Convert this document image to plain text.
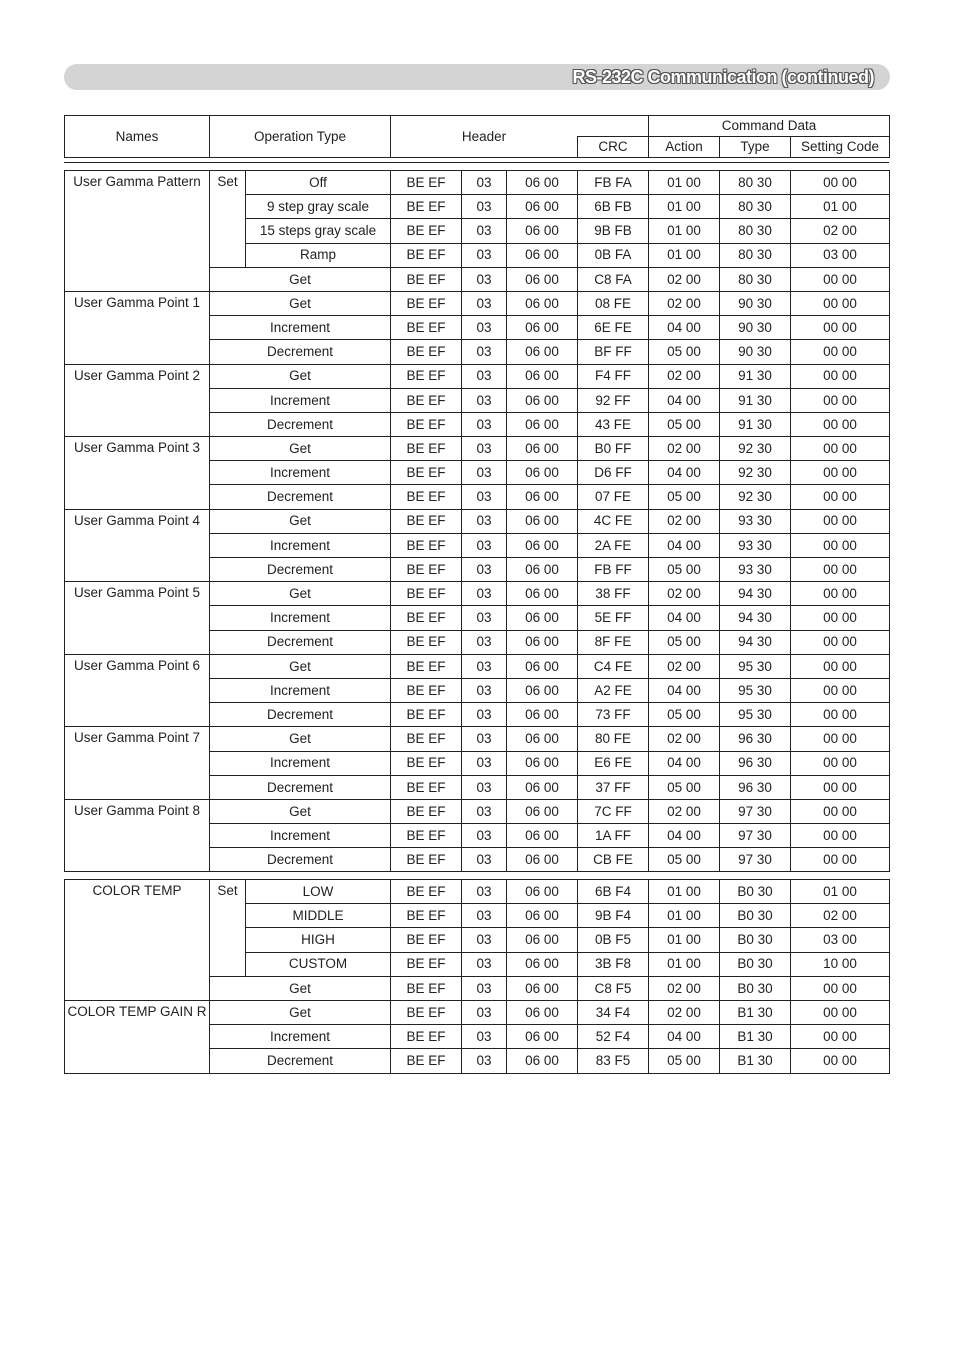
RS-232C Communication (continued)
Names	Operation Type	Header		Command Data		
			CRC	Action	Type	Setting Code
User Gamma Pattern	Set	Off	BE EF	03	06 00	FB FA	01 00	80 30	00 00
		9 step gray scale	BE EF	03	06 00	6B FB	01 00	80 30	01 00
		15 steps gray scale	BE EF	03	06 00	9B FB	01 00	80 30	02 00
		Ramp	BE EF	03	06 00	0B FA	01 00	80 30	03 00
	Get		BE EF	03	06 00	C8 FA	02 00	80 30	00 00
User Gamma Point 1	Get		BE EF	03	06 00	08 FE	02 00	90 30	00 00
	Increment		BE EF	03	06 00	6E FE	04 00	90 30	00 00
	Decrement		BE EF	03	06 00	BF FF	05 00	90 30	00 00
User Gamma Point 2	Get		BE EF	03	06 00	F4 FF	02 00	91 30	00 00
	Increment		BE EF	03	06 00	92 FF	04 00	91 30	00 00
	Decrement		BE EF	03	06 00	43 FE	05 00	91 30	00 00
User Gamma Point 3	Get		BE EF	03	06 00	B0 FF	02 00	92 30	00 00
	Increment		BE EF	03	06 00	D6 FF	04 00	92 30	00 00
	Decrement		BE EF	03	06 00	07 FE	05 00	92 30	00 00
User Gamma Point 4	Get		BE EF	03	06 00	4C FE	02 00	93 30	00 00
	Increment		BE EF	03	06 00	2A FE	04 00	93 30	00 00
	Decrement		BE EF	03	06 00	FB FF	05 00	93 30	00 00
User Gamma Point 5	Get		BE EF	03	06 00	38 FF	02 00	94 30	00 00
	Increment		BE EF	03	06 00	5E FF	04 00	94 30	00 00
	Decrement		BE EF	03	06 00	8F FE	05 00	94 30	00 00
User Gamma Point 6	Get		BE EF	03	06 00	C4 FE	02 00	95 30	00 00
	Increment		BE EF	03	06 00	A2 FE	04 00	95 30	00 00
	Decrement		BE EF	03	06 00	73 FF	05 00	95 30	00 00
User Gamma Point 7	Get		BE EF	03	06 00	80 FE	02 00	96 30	00 00
	Increment		BE EF	03	06 00	E6 FE	04 00	96 30	00 00
	Decrement		BE EF	03	06 00	37 FF	05 00	96 30	00 00
User Gamma Point 8	Get		BE EF	03	06 00	7C FF	02 00	97 30	00 00
	Increment		BE EF	03	06 00	1A FF	04 00	97 30	00 00
	Decrement		BE EF	03	06 00	CB FE	05 00	97 30	00 00
COLOR TEMP	Set	LOW	BE EF	03	06 00	6B F4	01 00	B0 30	01 00
		MIDDLE	BE EF	03	06 00	9B F4	01 00	B0 30	02 00
		HIGH	BE EF	03	06 00	0B F5	01 00	B0 30	03 00
		CUSTOM	BE EF	03	06 00	3B F8	01 00	B0 30	10 00
	Get		BE EF	03	06 00	C8 F5	02 00	B0 30	00 00
COLOR TEMP GAIN R	Get		BE EF	03	06 00	34 F4	02 00	B1 30	00 00
	Increment		BE EF	03	06 00	52 F4	04 00	B1 30	00 00
	Decrement		BE EF	03	06 00	83 F5	05 00	B1 30	00 00
